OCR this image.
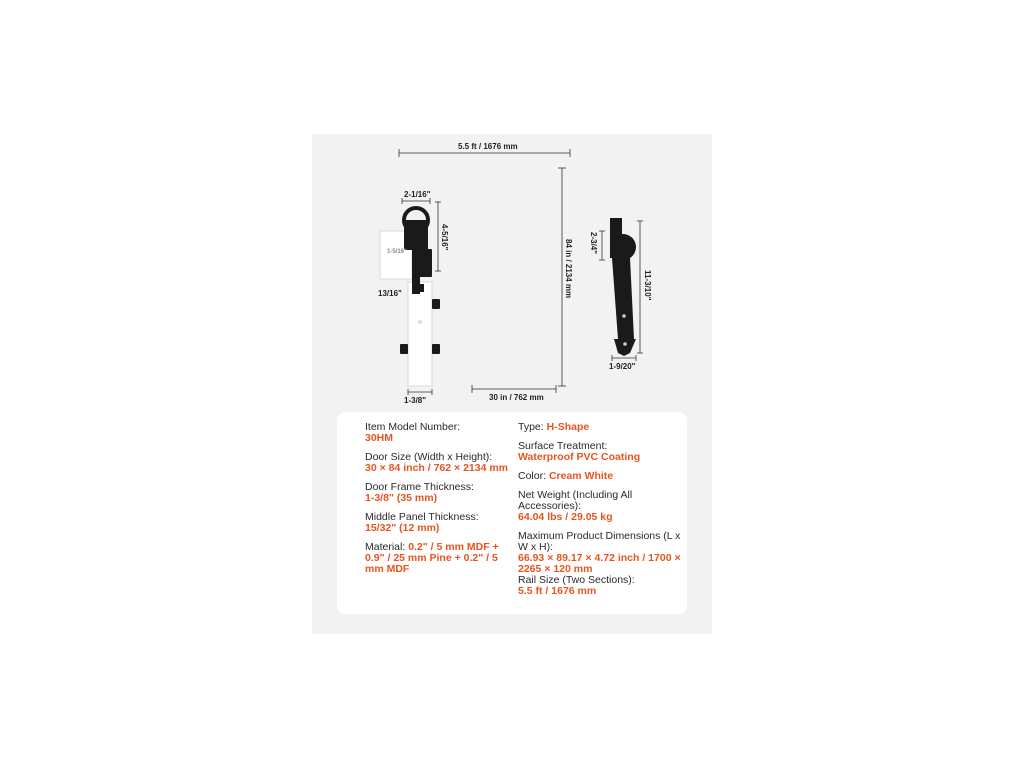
5.5 ft / 1676 mm
2-1/16"
4-5/16"
1-5/16"
13/16"
1-3/8"
84 in / 2134 mm
30 in / 762 mm
2-3/4"
11-3/10"
1-9/20"
Item Model Number:
30HM
Door Size (Width x Height):
30 × 84 inch / 762 × 2134 mm
Door Frame Thickness:
1-3/8" (35 mm)
Middle Panel Thickness:
15/32" (12 mm)
Material: 0.2" / 5 mm MDF + 0.9" / 25 mm Pine + 0.2" / 5 mm MDF
Type: H-Shape
Surface Treatment:
Waterproof PVC Coating
Color: Cream White
Net Weight (Including All Accessories):
64.04 lbs / 29.05 kg
Maximum Product Dimensions (L x W x H):
66.93 × 89.17 × 4.72 inch / 1700 × 2265 × 120 mm
Rail Size (Two Sections):
5.5 ft / 1676 mm
